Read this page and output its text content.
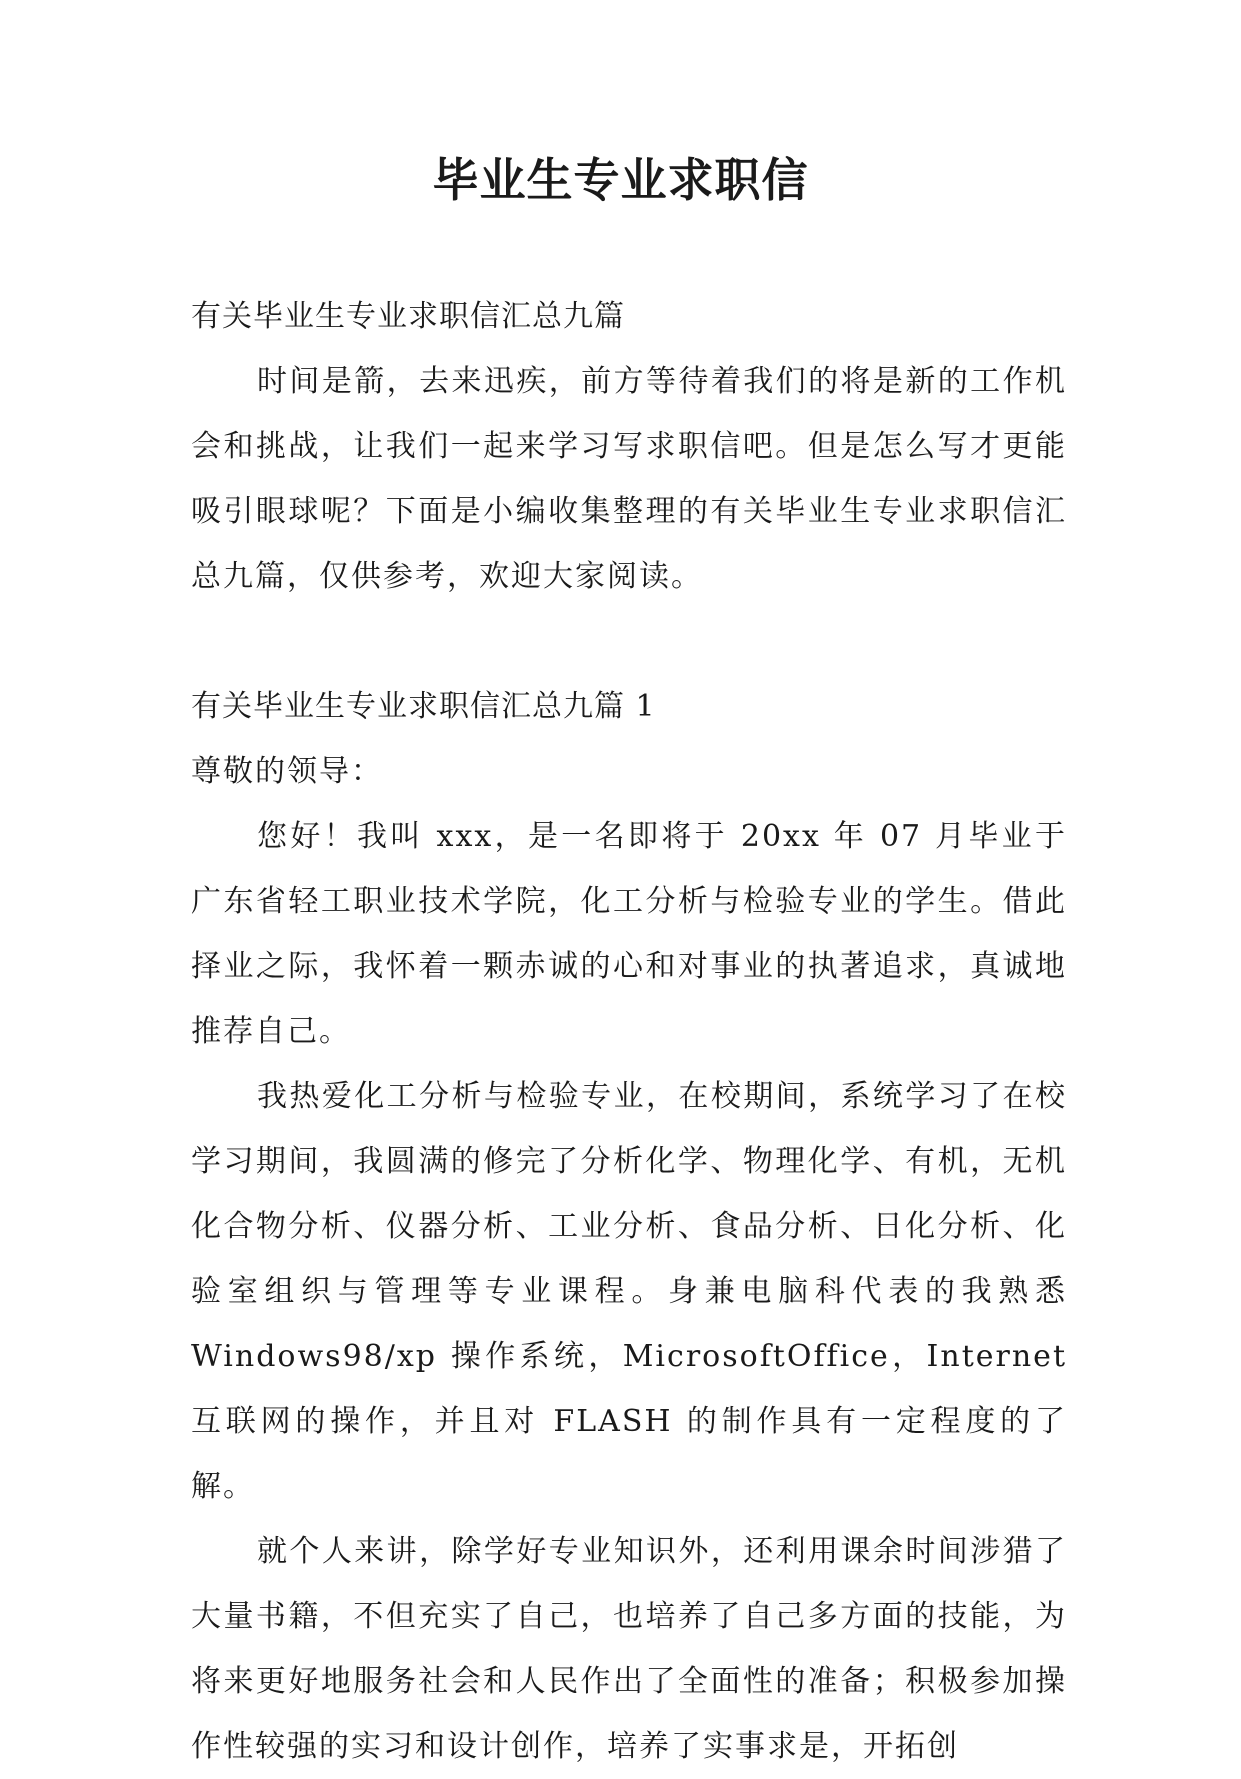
毕业生专业求职信

有关毕业生专业求职信汇总九篇

时间是箭，去来迅疾，前方等待着我们的将是新的工作机会和挑战，让我们一起来学习写求职信吧。但是怎么写才更能吸引眼球呢？下面是小编收集整理的有关毕业生专业求职信汇总九篇，仅供参考，欢迎大家阅读。

有关毕业生专业求职信汇总九篇 1

尊敬的领导：

您好！我叫 xxx，是一名即将于 20xx 年 07 月毕业于广东省轻工职业技术学院，化工分析与检验专业的学生。借此择业之际，我怀着一颗赤诚的心和对事业的执著追求，真诚地推荐自己。

我热爱化工分析与检验专业，在校期间，系统学习了在校学习期间，我圆满的修完了分析化学、物理化学、有机，无机化合物分析、仪器分析、工业分析、食品分析、日化分析、化验室组织与管理等专业课程。身兼电脑科代表的我熟悉 Windows98/xp 操作系统，MicrosoftOffice，Internet 互联网的操作，并且对 FLASH 的制作具有一定程度的了解。

就个人来讲，除学好专业知识外，还利用课余时间涉猎了大量书籍，不但充实了自己，也培养了自己多方面的技能，为将来更好地服务社会和人民作出了全面性的准备；积极参加操作性较强的实习和设计创作，培养了实事求是，开拓创
